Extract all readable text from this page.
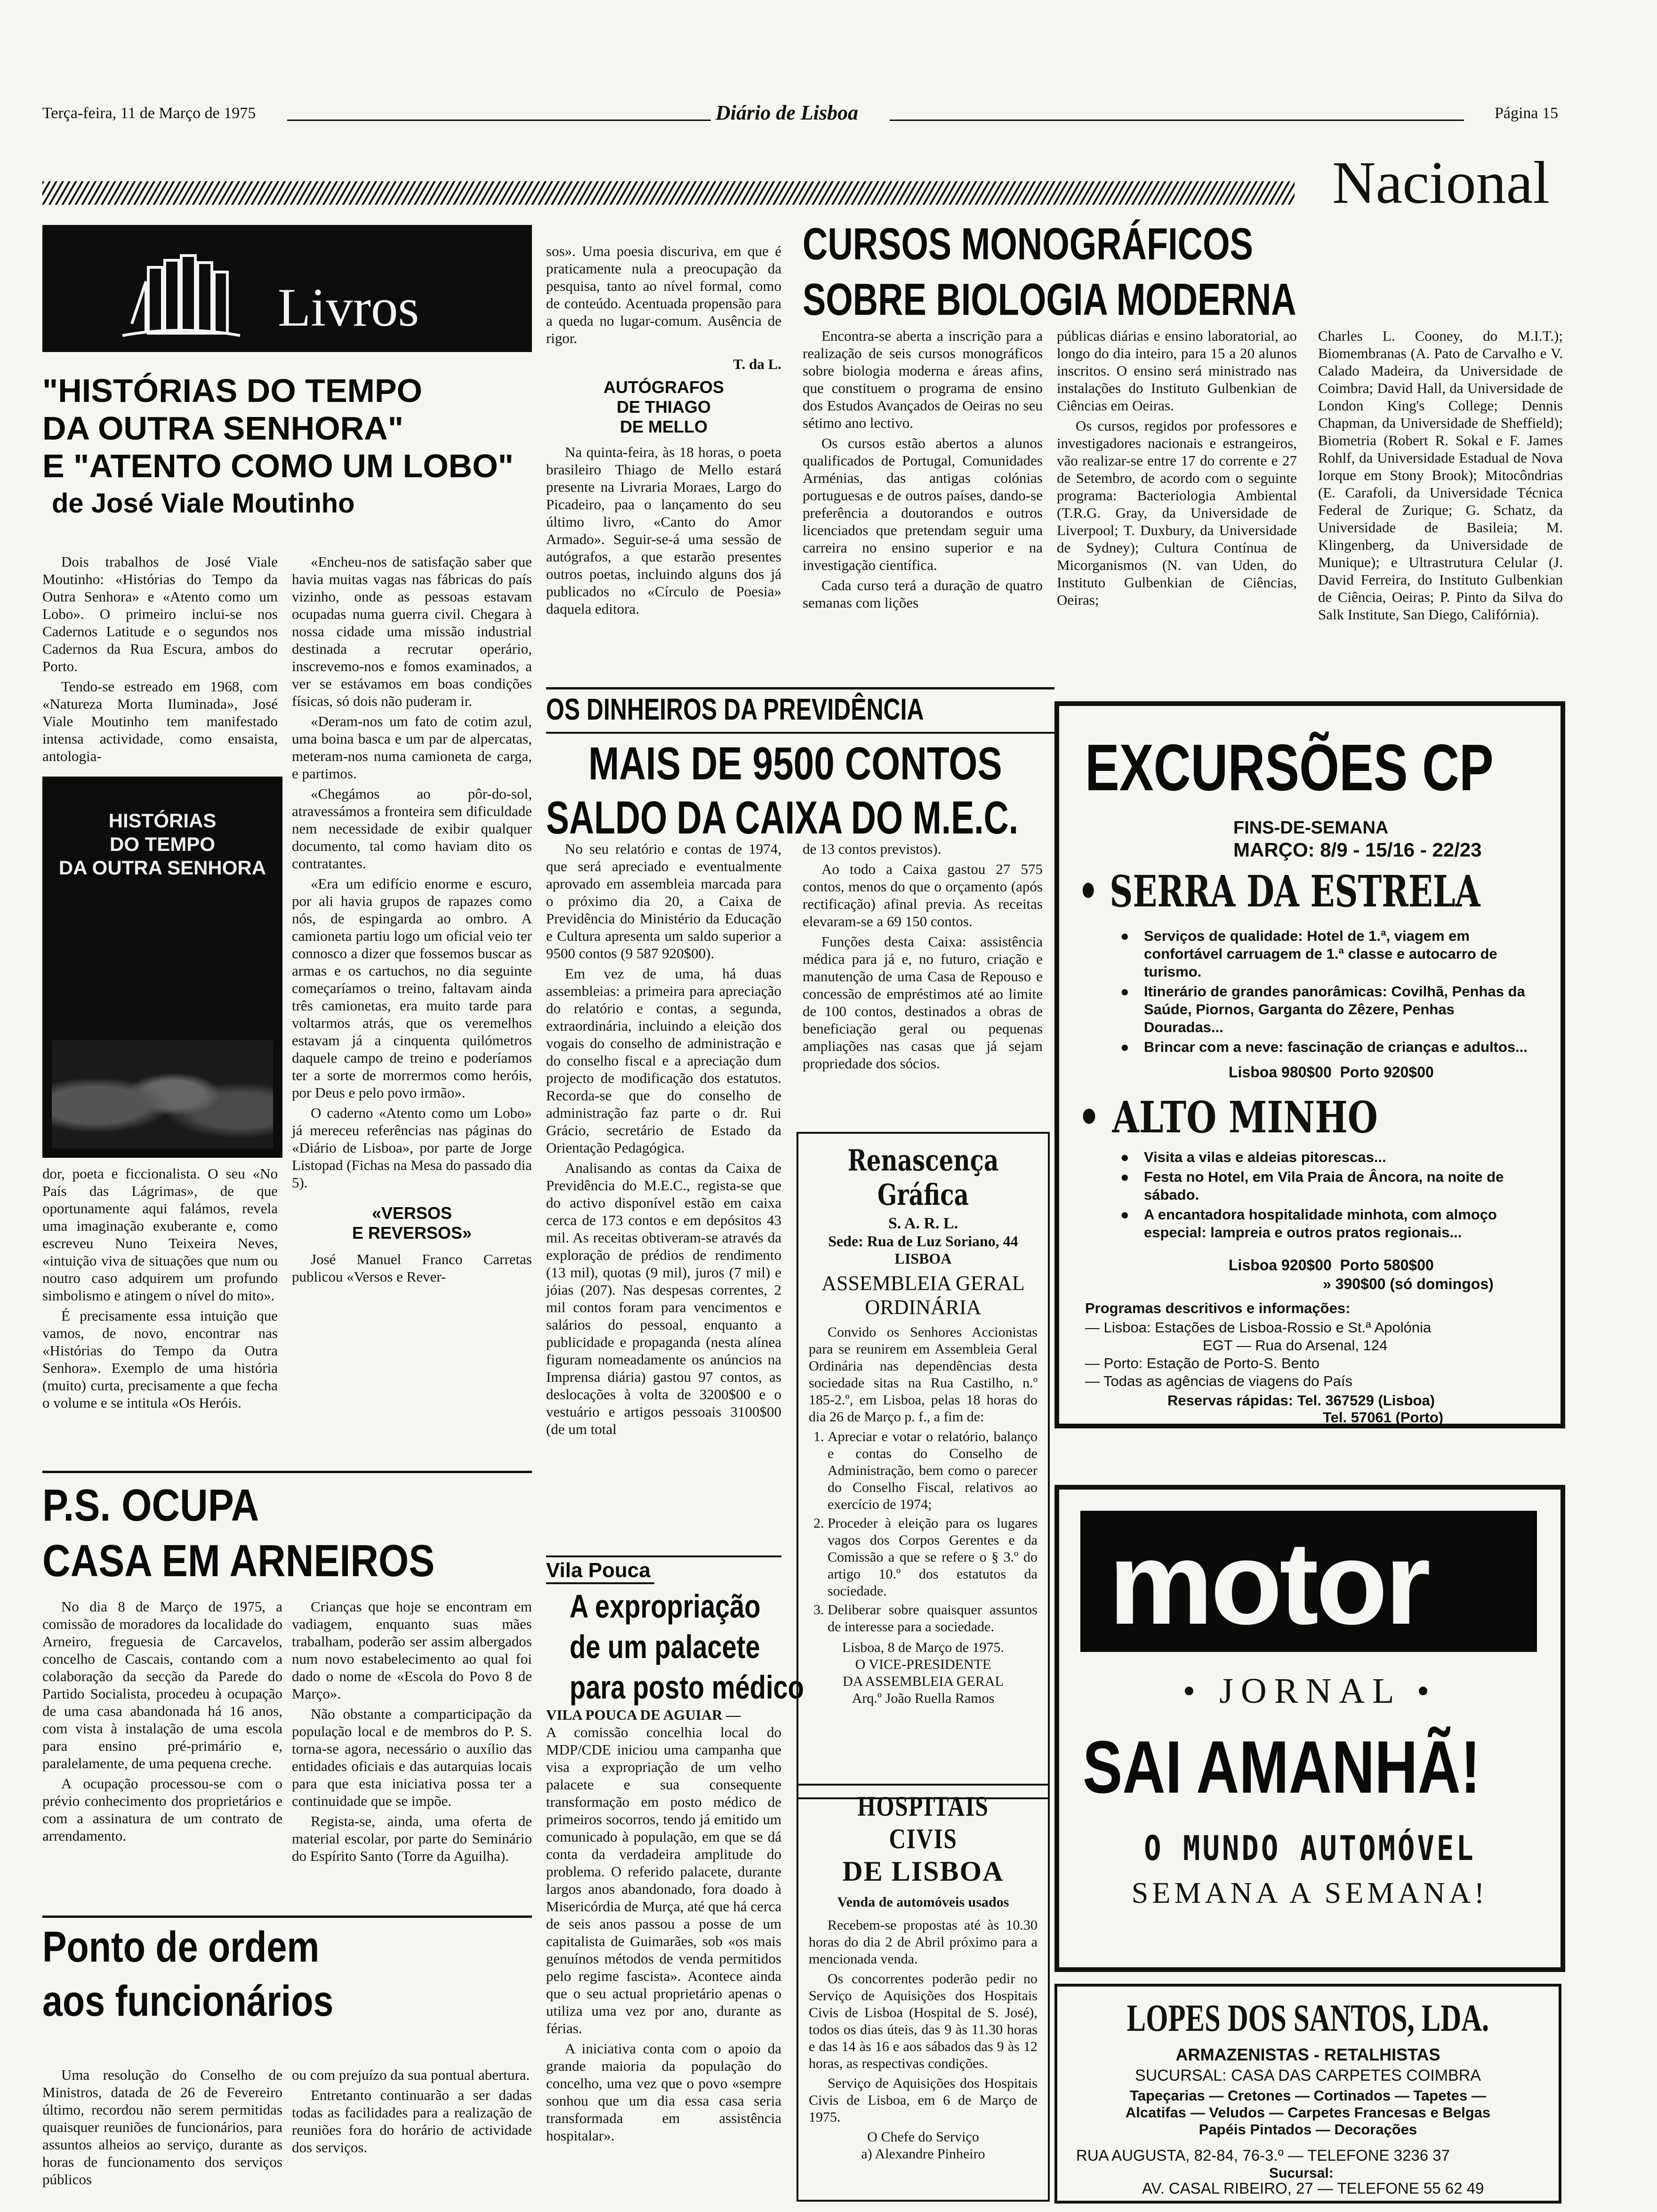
Terça-feira, 11 de Março de 1975	Diário de Lisboa	Página 15
Nacional
Livros
"HISTÓRIAS DO TEMPO
DA OUTRA SENHORA"
E "ATENTO COMO UM LOBO"
de José Viale Moutinho

Dois trabalhos de José Viale Moutinho: «Histórias do Tempo da Outra Senhora» e «Atento como um Lobo». O primeiro inclui-se nos Cadernos Latitude e o segundos nos Cadernos da Rua Escura, ambos do Porto.

Tendo-se estreado em 1968, com «Natureza Morta Iluminada», José Viale Moutinho tem manifestado intensa actividade, como ensaista, antologia-

HISTÓRIAS
DO TEMPO
DA OUTRA SENHORA

dor, poeta e ficcionalista. O seu «No País das Lágrimas», de que oportunamente aqui falámos, revela uma imaginação exuberante e, como escreveu Nuno Teixeira Neves, «intuição viva de situações que num ou noutro caso adquirem um profundo simbolismo e atingem o nível do mito».

É precisamente essa intuição que vamos, de novo, encontrar nas «Histórias do Tempo da Outra Senhora». Exemplo de uma história (muito) curta, precisamente a que fecha o volume e se intitula «Os Heróis.

«Encheu-nos de satisfação saber que havia muitas vagas nas fábricas do país vizinho, onde as pessoas estavam ocupadas numa guerra civil. Chegara à nossa cidade uma missão industrial destinada a recrutar operário, inscrevemo-nos e fomos examinados, a ver se estávamos em boas condições físicas, só dois não puderam ir.

«Deram-nos um fato de cotim azul, uma boina basca e um par de alpercatas, meteram-nos numa camioneta de carga, e partimos.

«Chegámos ao pôr-do-sol, atravessámos a fronteira sem dificuldade nem necessidade de exibir qualquer documento, tal como haviam dito os contratantes.

«Era um edifício enorme e escuro, por ali havia grupos de rapazes como nós, de espingarda ao ombro. A camioneta partiu logo um oficial veio ter connosco a dizer que fossemos buscar as armas e os cartuchos, no dia seguinte começaríamos o treino, faltavam ainda três camionetas, era muito tarde para voltarmos atrás, que os veremelhos estavam já a cinquenta quilómetros daquele campo de treino e poderíamos ter a sorte de morrermos como heróis, por Deus e pelo povo irmão».

O caderno «Atento como um Lobo» já mereceu referências nas páginas do «Diário de Lisboa», por parte de Jorge Listopad (Fichas na Mesa do passado dia 5).

«VERSOS
E REVERSOS»

José Manuel Franco Carretas publicou «Versos e Rever-

sos». Uma poesia discuriva, em que é praticamente nula a preocupação da pesquisa, tanto ao nível formal, como de conteúdo. Acentuada propensão para a queda no lugar-comum. Ausência de rigor.

T. da L.
AUTÓGRAFOS
DE THIAGO
DE MELLO

Na quinta-feira, às 18 horas, o poeta brasileiro Thiago de Mello estará presente na Livraria Moraes, Largo do Picadeiro, paa o lançamento do seu último livro, «Canto do Amor Armado». Seguir-se-á uma sessão de autógrafos, a que estarão presentes outros poetas, incluindo alguns dos já publicados no «Círculo de Poesia» daquela editora.

P.S. OCUPA
CASA EM ARNEIROS

No dia 8 de Março de 1975, a comissão de moradores da localidade do Arneiro, freguesia de Carcavelos, concelho de Cascais, contando com a colaboração da secção da Parede do Partido Socialista, procedeu à ocupação de uma casa abandonada há 16 anos, com vista à instalação de uma escola para ensino pré-primário e, paralelamente, de uma pequena creche.

A ocupação processou-se com o prévio conhecimento dos proprietários e com a assinatura de um contrato de arrendamento.

Crianças que hoje se encontram em vadiagem, enquanto suas mães trabalham, poderão ser assim albergados num novo estabelecimento ao qual foi dado o nome de «Escola do Povo 8 de Março».

Não obstante a comparticipação da população local e de membros do P. S. torna-se agora, necessário o auxílio das entidades oficiais e das autarquias locais para que esta iniciativa possa ter a continuidade que se impõe.

Regista-se, ainda, uma oferta de material escolar, por parte do Seminário do Espírito Santo (Torre da Aguilha).

Ponto de ordem
aos funcionários

Uma resolução do Conselho de Ministros, datada de 26 de Fevereiro último, recordou não serem permitidas quaisquer reuniões de funcionários, para assuntos alheios ao serviço, durante as horas de funcionamento dos serviços públicos

ou com prejuízo da sua pontual abertura.

Entretanto continuarão a ser dadas todas as facilidades para a realização de reuniões fora do horário de actividade dos serviços.

CURSOS MONOGRÁFICOS
SOBRE BIOLOGIA MODERNA

Encontra-se aberta a inscrição para a realização de seis cursos monográficos sobre biologia moderna e áreas afins, que constituem o programa de ensino dos Estudos Avançados de Oeiras no seu sétimo ano lectivo.

Os cursos estão abertos a alunos qualificados de Portugal, Comunidades Arménias, das antigas colónias portuguesas e de outros países, dando-se preferência a doutorandos e outros licenciados que pretendam seguir uma carreira no ensino superior e na investigação científica.

Cada curso terá a duração de quatro semanas com lições

públicas diárias e ensino laboratorial, ao longo do dia inteiro, para 15 a 20 alunos inscritos. O ensino será ministrado nas instalações do Instituto Gulbenkian de Ciências em Oeiras.

Os cursos, regidos por professores e investigadores nacionais e estrangeiros, vão realizar-se entre 17 do corrente e 27 de Setembro, de acordo com o seguinte programa: Bacteriologia Ambiental (T.R.G. Gray, da Universidade de Liverpool; T. Duxbury, da Universidade de Sydney); Cultura Contínua de Micorganismos (N. van Uden, do Instituto Gulbenkian de Ciências, Oeiras;

Charles L. Cooney, do M.I.T.); Biomembranas (A. Pato de Carvalho e V. Calado Madeira, da Universidade de Coimbra; David Hall, da Universidade de London King's College; Dennis Chapman, da Universidade de Sheffield); Biometria (Robert R. Sokal e F. James Rohlf, da Universidade Estadual de Nova Iorque em Stony Brook); Mitocôndrias (E. Carafoli, da Universidade Técnica Federal de Zurique; G. Schatz, da Universidade de Basileia; M. Klingenberg, da Universidade de Munique); e Ultrastrutura Celular (J. David Ferreira, do Instituto Gulbenkian de Ciência, Oeiras; P. Pinto da Silva do Salk Institute, San Diego, Califórnia).

OS DINHEIROS DA PREVIDÊNCIA
MAIS DE 9500 CONTOS
SALDO DA CAIXA DO M.E.C.

No seu relatório e contas de 1974, que será apreciado e eventualmente aprovado em assembleia marcada para o próximo dia 20, a Caixa de Previdência do Ministério da Educação e Cultura apresenta um saldo superior a 9500 contos (9 587 920$00).

Em vez de uma, há duas assembleias: a primeira para apreciação do relatório e contas, a segunda, extraordinária, incluindo a eleição dos vogais do conselho de administração e do conselho fiscal e a apreciação dum projecto de modificação dos estatutos. Recorda-se que do conselho de administração faz parte o dr. Rui Grácio, secretário de Estado da Orientação Pedagógica.

Analisando as contas da Caixa de Previdência do M.E.C., regista-se que do activo disponível estão em caixa cerca de 173 contos e em depósitos 43 mil. As receitas obtiveram-se através da exploração de prédios de rendimento (13 mil), quotas (9 mil), juros (7 mil) e jóias (207). Nas despesas correntes, 2 mil contos foram para vencimentos e salários do pessoal, enquanto a publicidade e propaganda (nesta alínea figuram nomeadamente os anúncios na Imprensa diária) gastou 97 contos, as deslocações à volta de 3200$00 e o vestuário e artigos pessoais 3100$00 (de um total

de 13 contos previstos).

Ao todo a Caixa gastou 27 575 contos, menos do que o orçamento (após rectificação) afinal previa. As receitas elevaram-se a 69 150 contos.

Funções desta Caixa: assistência médica para já e, no futuro, criação e manutenção de uma Casa de Repouso e concessão de empréstimos até ao limite de 100 contos, destinados a obras de beneficiação geral ou pequenas ampliações nas casas que já sejam propriedade dos sócios.

Vila Pouca
A expropriação
de um palacete
para posto médico
VILA POUCA DE AGUIAR —

A comissão concelhia local do MDP/CDE iniciou uma campanha que visa a expropriação de um velho palacete e sua consequente transformação em posto médico de primeiros socorros, tendo já emitido um comunicado à população, em que se dá conta da verdadeira amplitude do problema. O referido palacete, durante largos anos abandonado, fora doado à Misericórdia de Murça, até que há cerca de seis anos passou a posse de um capitalista de Guimarães, sob «os mais genuínos métodos de venda permitidos pelo regime fascista». Acontece ainda que o seu actual proprietário apenas o utiliza uma vez por ano, durante as férias.

A iniciativa conta com o apoio da grande maioria da população do concelho, uma vez que o povo «sempre sonhou que um dia essa casa seria transformada em assistência hospitalar».

Renascença Gráfica
S. A. R. L.
Sede: Rua de Luz Soriano, 44
LISBOA
ASSEMBLEIA GERAL
ORDINÁRIA

Convido os Senhores Accionistas para se reunirem em Assembleia Geral Ordinária nas dependências desta sociedade sitas na Rua Castilho, n.º 185-2.º, em Lisboa, pelas 18 horas do dia 26 de Março p. f., a fim de:

1. Apreciar e votar o relatório, balanço e contas do Conselho de Administração, bem como o parecer do Conselho Fiscal, relativos ao exercício de 1974;
2. Proceder à eleição para os lugares vagos dos Corpos Gerentes e da Comissão a que se refere o § 3.º do artigo 10.º dos estatutos da sociedade.
3. Deliberar sobre quaisquer assuntos de interesse para a sociedade.
Lisboa, 8 de Março de 1975.
O VICE-PRESIDENTE
DA ASSEMBLEIA GERAL
Arq.º João Ruella Ramos
HOSPITAIS CIVIS
DE LISBOA
Venda de automóveis usados

Recebem-se propostas até às 10.30 horas do dia 2 de Abril próximo para a mencionada venda.

Os concorrentes poderão pedir no Serviço de Aquisições dos Hospitais Civis de Lisboa (Hospital de S. José), todos os dias úteis, das 9 às 11.30 horas e das 14 às 16 e aos sábados das 9 às 12 horas, as respectivas condições.

Serviço de Aquisições dos Hospitais Civis de Lisboa, em 6 de Março de 1975.

O Chefe do Serviço
a) Alexandre Pinheiro
EXCURSÕES CP
FINS-DE-SEMANA
MARÇO: 8/9 - 15/16 - 22/23
• SERRA DA ESTRELA
● Serviços de qualidade: Hotel de 1.ª, viagem em confortável carruagem de 1.ª classe e autocarro de turismo.
● Itinerário de grandes panorâmicas: Covilhã, Penhas da Saúde, Piornos, Garganta do Zêzere, Penhas Douradas...
● Brincar com a neve: fascinação de crianças e adultos...
Lisboa 980$00  Porto 920$00
• ALTO MINHO
● Visita a vilas e aldeias pitorescas...
● Festa no Hotel, em Vila Praia de Âncora, na noite de sábado.
● A encantadora hospitalidade minhota, com almoço especial: lampreia e outros pratos regionais...
Lisboa 920$00  Porto 580$00
» 390$00 (só domingos)
Programas descritivos e informações:
— Lisboa: Estações de Lisboa-Rossio e St.ª Apolónia
EGT — Rua do Arsenal, 124
— Porto: Estação de Porto-S. Bento
— Todas as agências de viagens do País
Reservas rápidas: Tel. 367529 (Lisboa)
Tel. 57061 (Porto)
motor
• JORNAL •
SAI AMANHÃ!
O MUNDO AUTOMÓVEL
SEMANA A SEMANA!
LOPES DOS SANTOS, LDA.
ARMAZENISTAS - RETALHISTAS
SUCURSAL: CASA DAS CARPETES COIMBRA
Tapeçarias — Cretones — Cortinados — Tapetes —
Alcatifas — Veludos — Carpetes Francesas e Belgas
Papéis Pintados — Decorações
RUA AUGUSTA, 82-84, 76-3.º — TELEFONE 3236 37
Sucursal:
AV. CASAL RIBEIRO, 27 — TELEFONE 55 62 49
